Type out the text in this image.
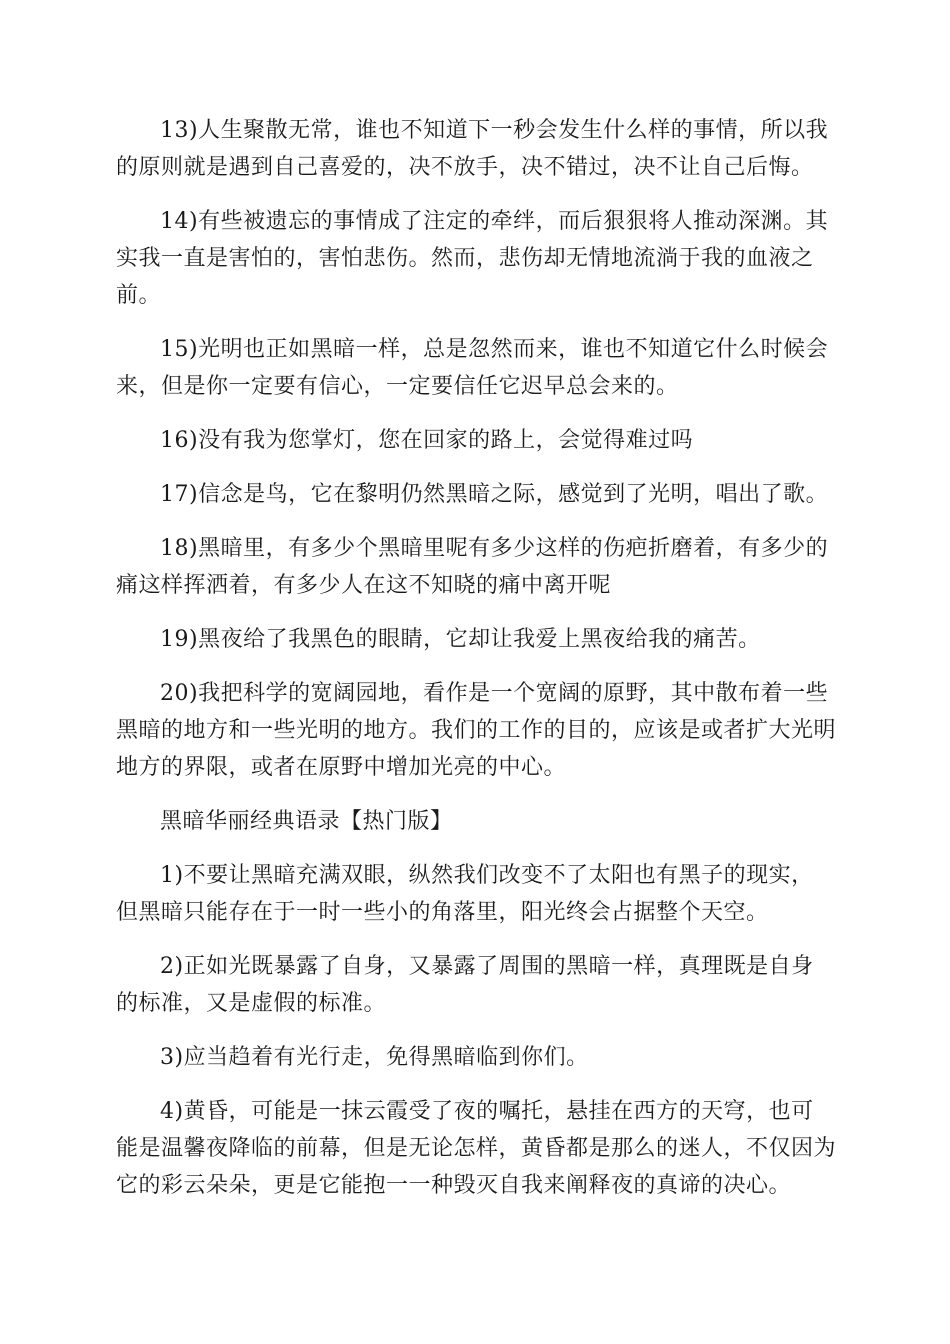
13)人生聚散无常，谁也不知道下一秒会发生什么样的事情，所以我的原则就是遇到自己喜爱的，决不放手，决不错过，决不让自己后悔。

14)有些被遗忘的事情成了注定的牵绊，而后狠狠将人推动深渊。其实我一直是害怕的，害怕悲伤。然而，悲伤却无情地流淌于我的血液之前。

15)光明也正如黑暗一样，总是忽然而来，谁也不知道它什么时候会来，但是你一定要有信心，一定要信任它迟早总会来的。

16)没有我为您掌灯，您在回家的路上，会觉得难过吗

17)信念是鸟，它在黎明仍然黑暗之际，感觉到了光明，唱出了歌。

18)黑暗里，有多少个黑暗里呢有多少这样的伤疤折磨着，有多少的痛这样挥洒着，有多少人在这不知晓的痛中离开呢

19)黑夜给了我黑色的眼睛，它却让我爱上黑夜给我的痛苦。

20)我把科学的宽阔园地，看作是一个宽阔的原野，其中散布着一些黑暗的地方和一些光明的地方。我们的工作的目的，应该是或者扩大光明地方的界限，或者在原野中增加光亮的中心。

黑暗华丽经典语录【热门版】

1)不要让黑暗充满双眼，纵然我们改变不了太阳也有黑子的现实，但黑暗只能存在于一时一些小的角落里，阳光终会占据整个天空。

2)正如光既暴露了自身，又暴露了周围的黑暗一样，真理既是自身的标准，又是虚假的标准。

3)应当趋着有光行走，免得黑暗临到你们。

4)黄昏，可能是一抹云霞受了夜的嘱托，悬挂在西方的天穹，也可能是温馨夜降临的前幕，但是无论怎样，黄昏都是那么的迷人，不仅因为它的彩云朵朵，更是它能抱一一种毁灭自我来阐释夜的真谛的决心。
